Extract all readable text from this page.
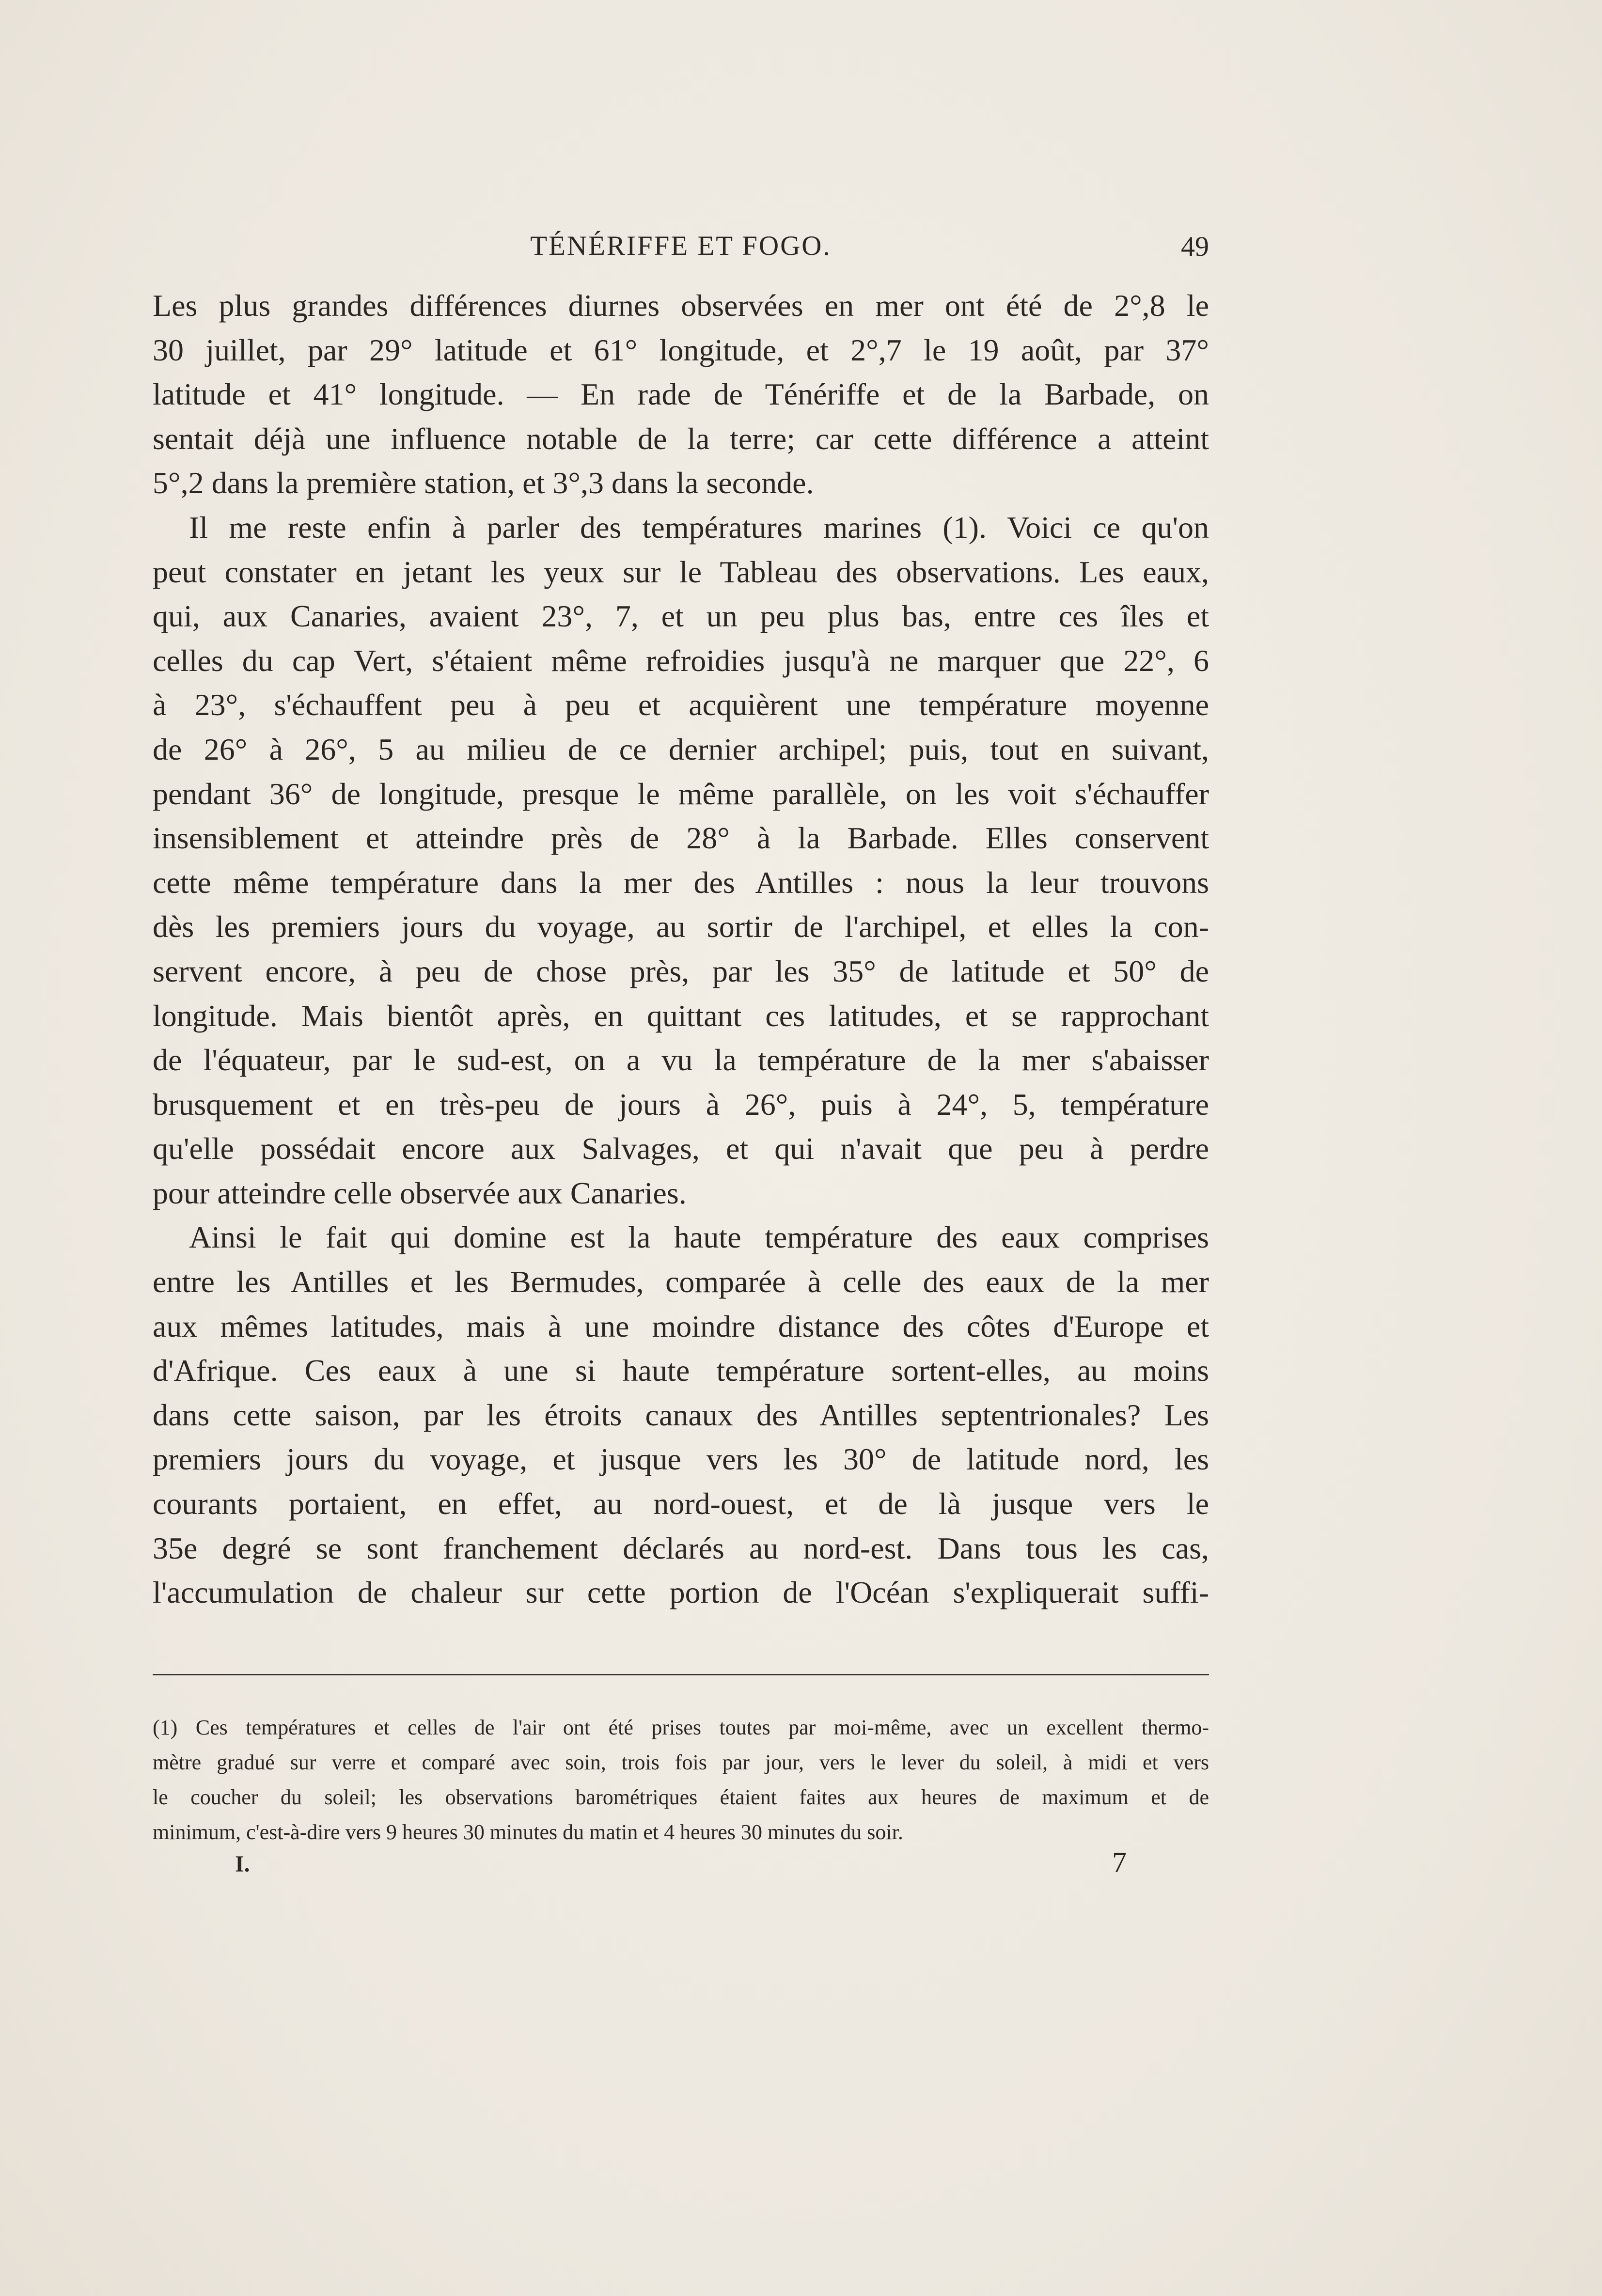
TÉNÉRIFFE ET FOGO.	49
Les plus grandes différences diurnes observées en mer ont été de 2°,8 le
30 juillet, par 29° latitude et 61° longitude, et 2°,7 le 19 août, par 37°
latitude et 41° longitude. — En rade de Ténériffe et de la Barbade, on
sentait déjà une influence notable de la terre; car cette différence a atteint
5°,2 dans la première station, et 3°,3 dans la seconde.
Il me reste enfin à parler des températures marines (1). Voici ce qu'on
peut constater en jetant les yeux sur le Tableau des observations. Les eaux,
qui, aux Canaries, avaient 23°, 7, et un peu plus bas, entre ces îles et
celles du cap Vert, s'étaient même refroidies jusqu'à ne marquer que 22°, 6
à 23°, s'échauffent peu à peu et acquièrent une température moyenne
de 26° à 26°, 5 au milieu de ce dernier archipel; puis, tout en suivant,
pendant 36° de longitude, presque le même parallèle, on les voit s'échauffer
insensiblement et atteindre près de 28° à la Barbade. Elles conservent
cette même température dans la mer des Antilles : nous la leur trouvons
dès les premiers jours du voyage, au sortir de l'archipel, et elles la con-
servent encore, à peu de chose près, par les 35° de latitude et 50° de
longitude. Mais bientôt après, en quittant ces latitudes, et se rapprochant
de l'équateur, par le sud-est, on a vu la température de la mer s'abaisser
brusquement et en très-peu de jours à 26°, puis à 24°, 5, température
qu'elle possédait encore aux Salvages, et qui n'avait que peu à perdre
pour atteindre celle observée aux Canaries.
Ainsi le fait qui domine est la haute température des eaux comprises
entre les Antilles et les Bermudes, comparée à celle des eaux de la mer
aux mêmes latitudes, mais à une moindre distance des côtes d'Europe et
d'Afrique. Ces eaux à une si haute température sortent-elles, au moins
dans cette saison, par les étroits canaux des Antilles septentrionales? Les
premiers jours du voyage, et jusque vers les 30° de latitude nord, les
courants portaient, en effet, au nord-ouest, et de là jusque vers le
35e degré se sont franchement déclarés au nord-est. Dans tous les cas,
l'accumulation de chaleur sur cette portion de l'Océan s'expliquerait suffi-
(1) Ces températures et celles de l'air ont été prises toutes par moi-même, avec un excellent thermo-
mètre gradué sur verre et comparé avec soin, trois fois par jour, vers le lever du soleil, à midi et vers
le coucher du soleil; les observations barométriques étaient faites aux heures de maximum et de
minimum, c'est-à-dire vers 9 heures 30 minutes du matin et 4 heures 30 minutes du soir.
I.	7
